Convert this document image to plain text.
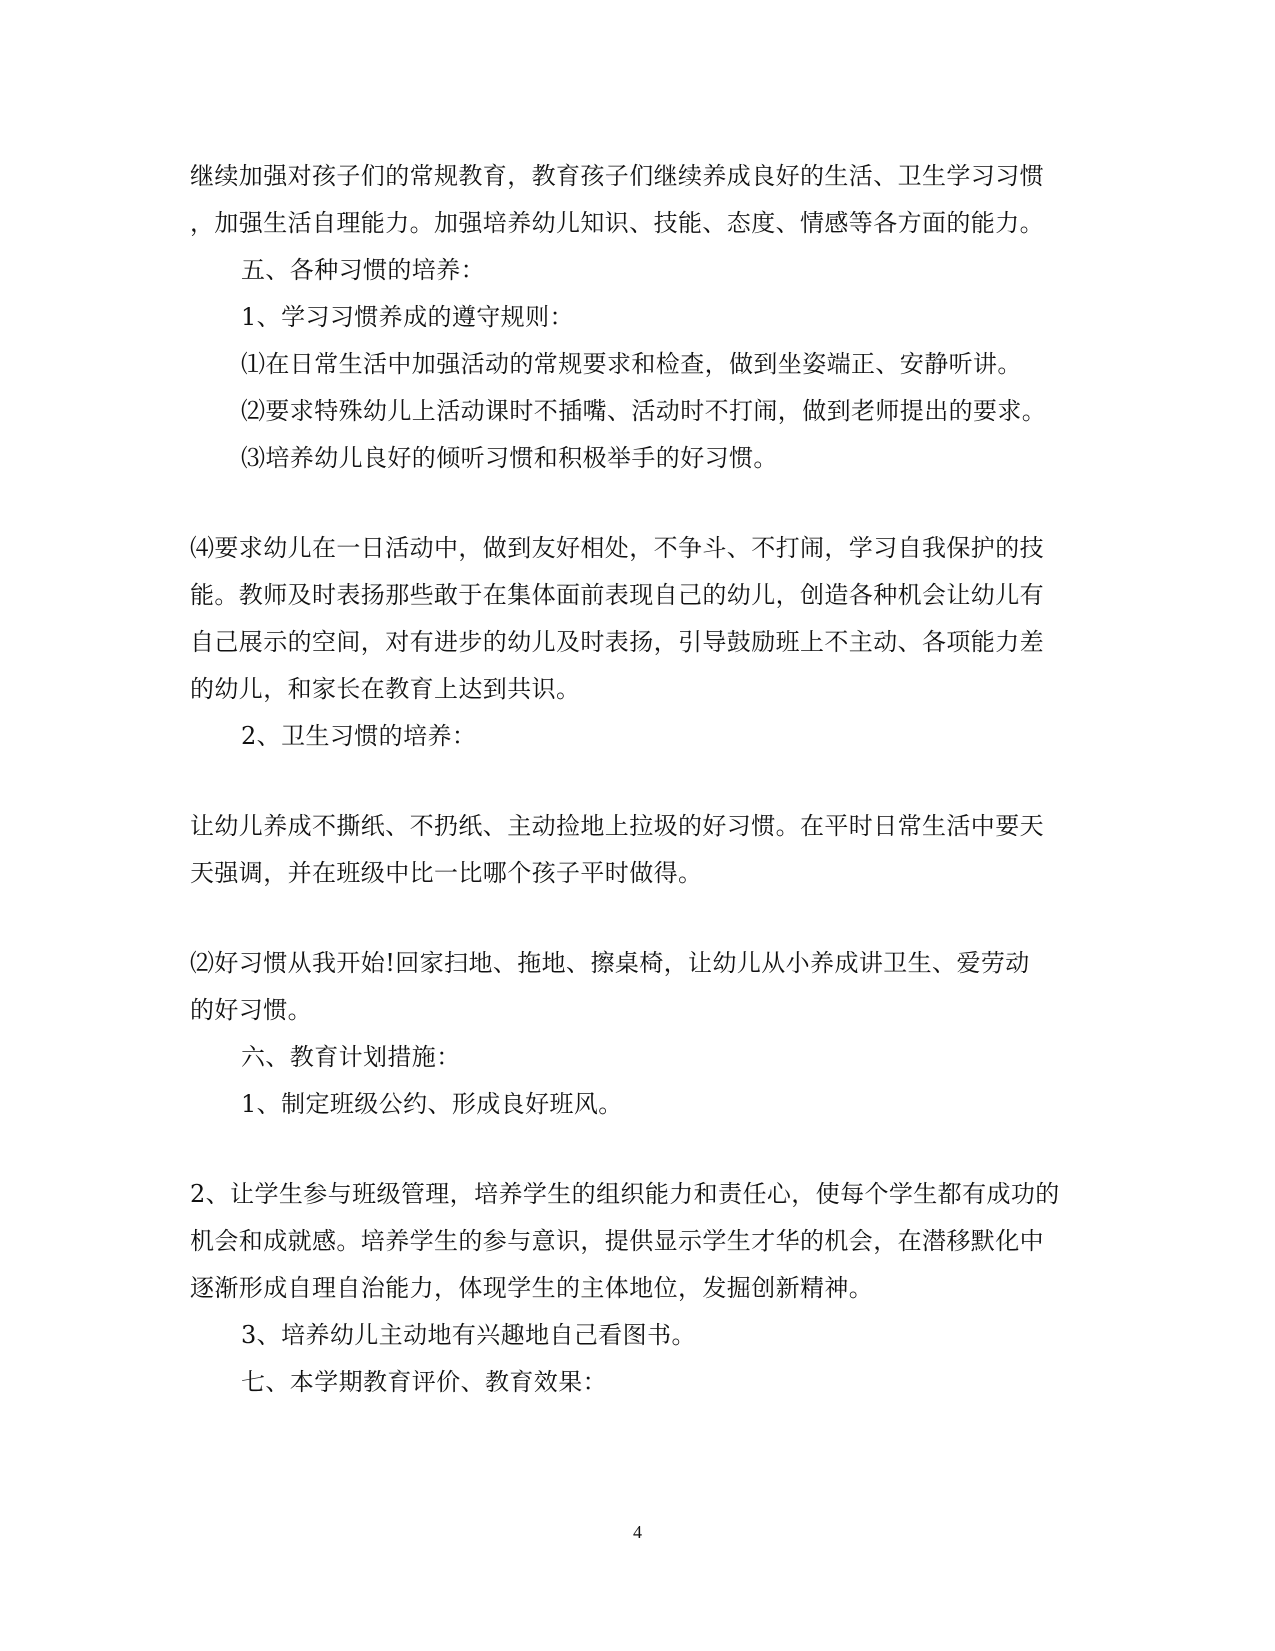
继续加强对孩子们的常规教育，教育孩子们继续养成良好的生活、卫生学习习惯
，加强生活自理能力。加强培养幼儿知识、技能、态度、情感等各方面的能力。
五、各种习惯的培养：
1、学习习惯养成的遵守规则：
⑴在日常生活中加强活动的常规要求和检查，做到坐姿端正、安静听讲。
⑵要求特殊幼儿上活动课时不插嘴、活动时不打闹，做到老师提出的要求。
⑶培养幼儿良好的倾听习惯和积极举手的好习惯。
⑷要求幼儿在一日活动中，做到友好相处，不争斗、不打闹，学习自我保护的技
能。教师及时表扬那些敢于在集体面前表现自己的幼儿，创造各种机会让幼儿有
自己展示的空间，对有进步的幼儿及时表扬，引导鼓励班上不主动、各项能力差
的幼儿，和家长在教育上达到共识。
2、卫生习惯的培养：
让幼儿养成不撕纸、不扔纸、主动捡地上拉圾的好习惯。在平时日常生活中要天
天强调，并在班级中比一比哪个孩子平时做得。
⑵好习惯从我开始!回家扫地、拖地、擦桌椅，让幼儿从小养成讲卫生、爱劳动
的好习惯。
六、教育计划措施：
1、制定班级公约、形成良好班风。
2、让学生参与班级管理，培养学生的组织能力和责任心，使每个学生都有成功的
机会和成就感。培养学生的参与意识，提供显示学生才华的机会，在潜移默化中
逐渐形成自理自治能力，体现学生的主体地位，发掘创新精神。
3、培养幼儿主动地有兴趣地自己看图书。
七、本学期教育评价、教育效果：
4
